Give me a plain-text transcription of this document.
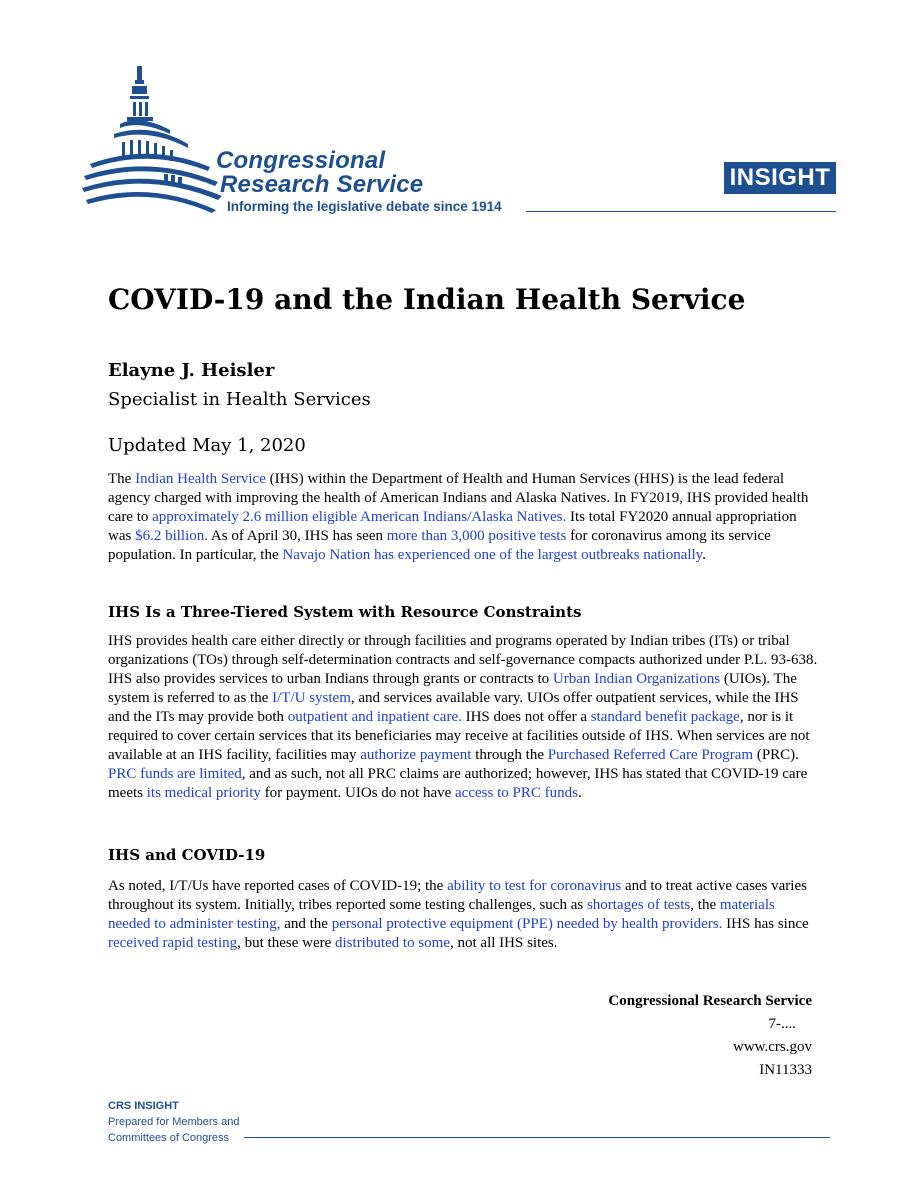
Congressional
Research Service
Informing the legislative debate since 1914
INSIGHT
COVID-19 and the Indian Health Service
Elayne J. Heisler
Specialist in Health Services
Updated May 1, 2020

The Indian Health Service (IHS) within the Department of Health and Human Services (HHS) is the lead federal agency charged with improving the health of American Indians and Alaska Natives. In FY2019, IHS provided health care to approximately 2.6 million eligible American Indians/Alaska Natives. Its total FY2020 annual appropriation was $6.2 billion. As of April 30, IHS has seen more than 3,000 positive tests for coronavirus among its service population. In particular, the Navajo Nation has experienced one of the largest outbreaks nationally.

IHS Is a Three-Tiered System with Resource Constraints

IHS provides health care either directly or through facilities and programs operated by Indian tribes (ITs) or tribal organizations (TOs) through self-determination contracts and self-governance compacts authorized under P.L. 93-638. IHS also provides services to urban Indians through grants or contracts to Urban Indian Organizations (UIOs). The system is referred to as the I/T/U system, and services available vary. UIOs offer outpatient services, while the IHS and the ITs may provide both outpatient and inpatient care. IHS does not offer a standard benefit package, nor is it required to cover certain services that its beneficiaries may receive at facilities outside of IHS. When services are not available at an IHS facility, facilities may authorize payment through the Purchased Referred Care Program (PRC). PRC funds are limited, and as such, not all PRC claims are authorized; however, IHS has stated that COVID-19 care meets its medical priority for payment. UIOs do not have access to PRC funds.

IHS and COVID-19

As noted, I/T/Us have reported cases of COVID-19; the ability to test for coronavirus and to treat active cases varies throughout its system. Initially, tribes reported some testing challenges, such as shortages of tests, the materials needed to administer testing, and the personal protective equipment (PPE) needed by health providers. IHS has since received rapid testing, but these were distributed to some, not all IHS sites.

Congressional Research Service
7-....
www.crs.gov
IN11333
CRS INSIGHT
Prepared for Members and
Committees of Congress
